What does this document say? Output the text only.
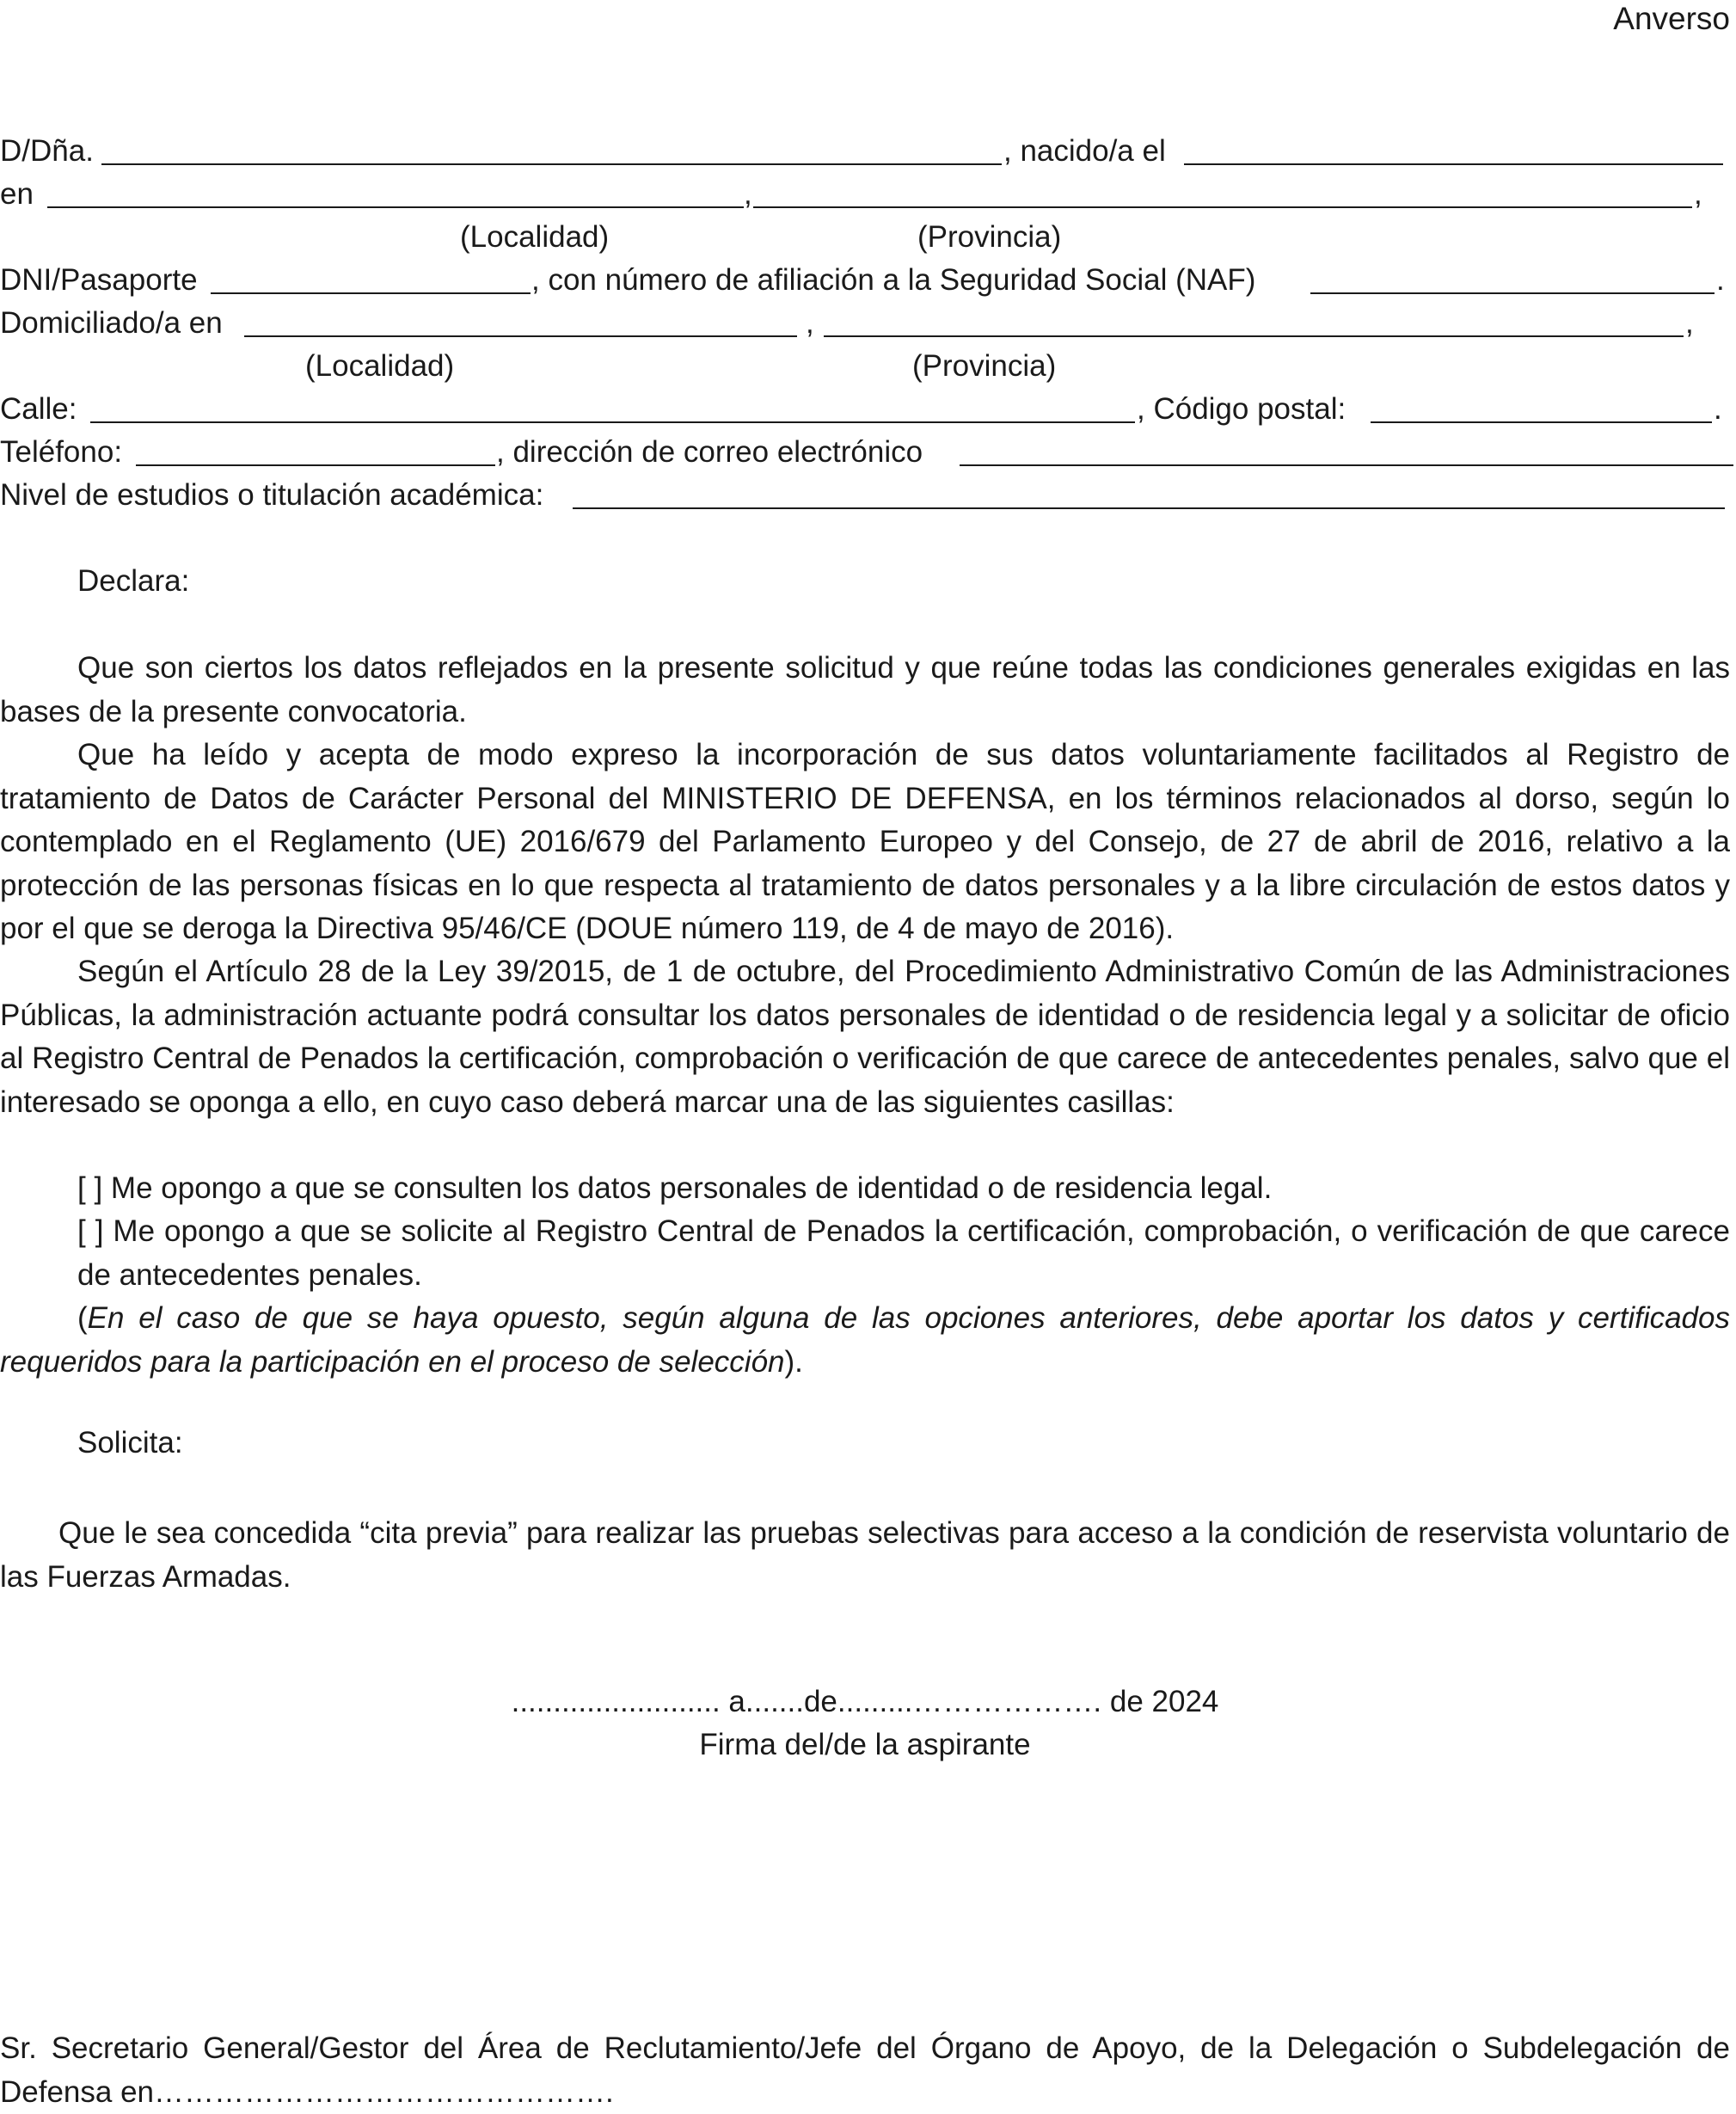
Anverso
D/Dña.	, nacido/a el
en	,	,
(Localidad)	(Provincia)
DNI/Pasaporte	, con número de afiliación a la Seguridad Social (NAF)	.
Domiciliado/a en	,	,
(Localidad)	(Provincia)
Calle:	, Código postal:	.
Teléfono:	, dirección de correo electrónico
Nivel de estudios o titulación académica:
Declara:
Que son ciertos los datos reflejados en la presente solicitud y que reúne todas las condiciones generales exigidas en las bases de la presente convocatoria.
Que ha leído y acepta de modo expreso la incorporación de sus datos voluntariamente facilitados al Registro de tratamiento de Datos de Carácter Personal del MINISTERIO DE DEFENSA, en los términos relacionados al dorso, según lo contemplado en el Reglamento (UE) 2016/679 del Parlamento Europeo y del Consejo, de 27 de abril de 2016, relativo a la protección de las personas físicas en lo que respecta al tratamiento de datos personales y a la libre circulación de estos datos y por el que se deroga la Directiva 95/46/CE (DOUE número 119, de 4 de mayo de 2016).
Según el Artículo 28 de la Ley 39/2015, de 1 de octubre, del Procedimiento Administrativo Común de las Administraciones Públicas, la administración actuante podrá consultar los datos personales de identidad o de residencia legal y a solicitar de oficio al Registro Central de Penados la certificación, comprobación o verificación de que carece de antecedentes penales, salvo que el interesado se oponga a ello, en cuyo caso deberá marcar una de las siguientes casillas:
[ ] Me opongo a que se consulten los datos personales de identidad o de residencia legal.
[ ] Me opongo a que se solicite al Registro Central de Penados la certificación, comprobación, o verificación de que carece de antecedentes penales.
(En el caso de que se haya opuesto, según alguna de las opciones anteriores, debe aportar los datos y certificados requeridos para la participación en el proceso de selección).
Solicita:
Que le sea concedida “cita previa” para realizar las pruebas selectivas para acceso a la condición de reservista voluntario de las Fuerzas Armadas.
......................... a.......de.........………………. de 2024
Firma del/de la aspirante
Sr. Secretario General/Gestor del Área de Reclutamiento/Jefe del Órgano de Apoyo, de la Delegación o Subdelegación de Defensa en……………………………………….
